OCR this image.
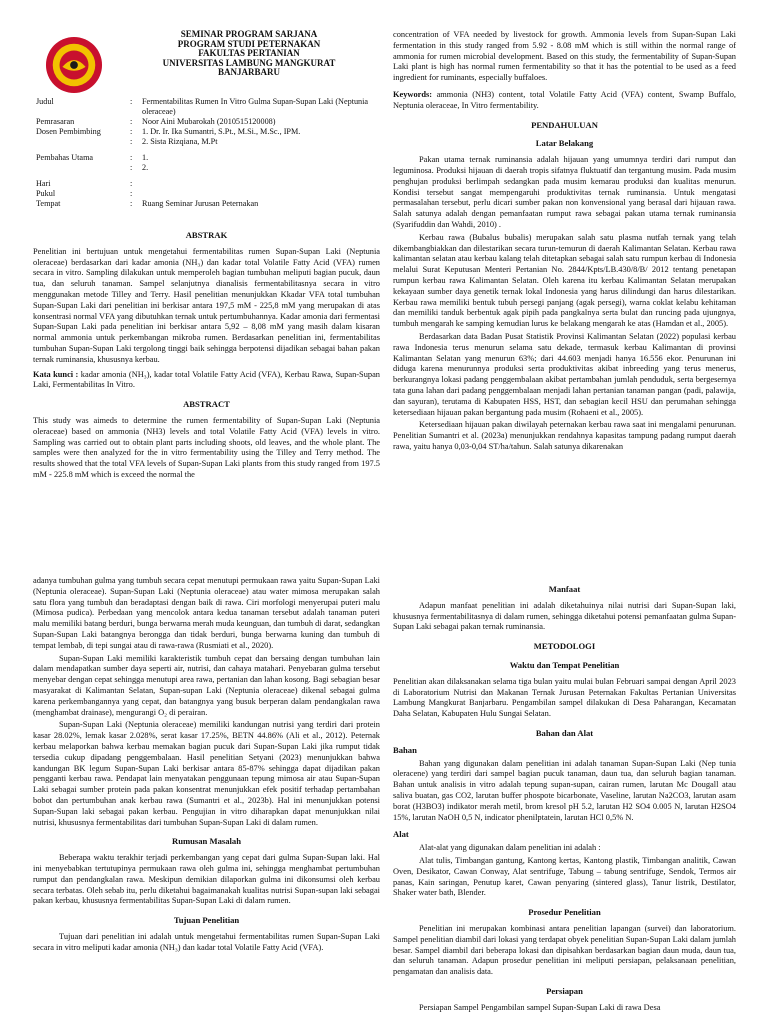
SEMINAR PROGRAM SARJANA
PROGRAM STUDI PETERNAKAN
FAKULTAS PERTANIAN
UNIVERSITAS LAMBUNG MANGKURAT
BANJARBARU
Judul	:	Fermentabilitas Rumen In Vitro Gulma Supan-Supan Laki (Neptunia oleraceae)
Pemrasaran	:	Noor Aini Mubarokah (2010515120008)
Dosen Pembimbing	:	1. Dr. Ir. Ika Sumantri, S.Pt., M.Si., M.Sc., IPM.
:	2. Sista Rizqiana, M.Pt
Pembahas Utama	:	1.
:	2.
Hari	:
Pukul	:
Tempat	:	Ruang Seminar Jurusan Peternakan
ABSTRAK

Penelitian ini bertujuan untuk mengetahui fermentabilitas rumen Supan-Supan Laki (Neptunia oleraceae) berdasarkan dari kadar amonia (NH₃) dan kadar total Volatile Fatty Acid (VFA) rumen secara in vitro. Sampling dilakukan untuk memperoleh bagian tumbuhan meliputi bagian pucuk, daun tua, dan seluruh tanaman. Sampel selanjutnya dianalisis fermentabilitasnya secara in vitro menggunakan metode Tilley and Terry. Hasil penelitian menunjukkan Kkadar VFA total tumbuhan Supan-Supan Laki dari penelitian ini berkisar antara 197,5 mM - 225,8 mM yang merupakan di atas konsentrasi normal VFA yang dibutuhkan ternak untuk pertumbuhannya. Kadar amonia dari fermentasi Supan-Supan Laki pada penelitian ini berkisar antara 5,92 – 8,08 mM yang masih dalam kisaran normal ammonia untuk perkembangan mikroba rumen. Berdasarkan penelitian ini, fermentabilitas tumbuhan Supan-Supan Laki tergolong tinggi baik sehingga berpotensi dijadikan sebagai bahan pakan ternak ruminansia, khususnya kerbau.

Kata kunci : kadar amonia (NH₃), kadar total Volatile Fatty Acid (VFA), Kerbau Rawa, Supan-Supan Laki, Fermentabilitas In Vitro.

ABSTRACT

This study was aimeds to determine the rumen fermentability of Supan-Supan Laki (Neptunia oleraceae) based on ammonia (NH3) levels and total Volatile Fatty Acid (VFA) levels in vitro. Sampling was carried out to obtain plant parts including shoots, old leaves, and the whole plant. The samples were then analyzed for the in vitro fermentability using the Tilley and Terry method. The results showed that the total VFA levels of Supan-Supan Laki plants from this study ranged from 197.5 mM - 225.8 mM which is exceed the normal the

concentration of VFA needed by livestock for growth. Ammonia levels from Supan-Supan Laki fermentation in this study ranged from 5.92 - 8.08 mM which is still within the normal range of ammonia for rumen microbial development. Based on this study, the fermentability of Supan-Supan Laki plant is high has normal rumen fermentability so that it has the potential to be used as a feed ingredient for ruminants, especially buffaloes.

Keywords: ammonia (NH3) content, total Volatile Fatty Acid (VFA) content, Swamp Buffalo, Neptunia oleraceae, In Vitro fermentability.

PENDAHULUAN
Latar Belakang

Pakan utama ternak ruminansia adalah hijauan yang umumnya terdiri dari rumput dan leguminosa. Produksi hijauan di daerah tropis sifatnya fluktuatif dan tergantung musim. Pada musim penghujan produksi berlimpah sedangkan pada musim kemarau produksi dan kualitas menurun. Kondisi tersebut sangat mempengaruhi produktivitas ternak ruminansia. Untuk mengatasi permasalahan tersebut, perlu dicari sumber pakan non konvensional yang berasal dari hijauan rawa. Salah satunya adalah dengan pemanfaatan rumput rawa sebagai pakan utama ternak ruminansia (Syarifuddin dan Wahdi, 2010) .

Kerbau rawa (Bubalus bubalis) merupakan salah satu plasma nutfah ternak yang telah dikembangbiakkan dan dilestarikan secara turun-temurun di daerah Kalimantan Selatan. Kerbau rawa kalimantan selatan atau kerbau kalang telah ditetapkan sebagai salah satu rumpun kerbau di Indonesia melalui Surat Keputusan Menteri Pertanian No. 2844/Kpts/LB.430/8/B/ 2012 tentang penetapan rumpun kerbau rawa Kalimantan Selatan. Oleh karena itu kerbau Kalimantan Selatan merupakan kekayaan sumber daya genetik ternak lokal Indonesia yang harus dilindungi dan harus dilestarikan. Kerbau rawa memiliki bentuk tubuh persegi panjang (agak persegi), warna coklat kelabu kehitaman dan memiliki tanduk berbentuk agak pipih pada pangkalnya serta bulat dan runcing pada ujungnya, tumbuh mengarah ke samping kemudian lurus ke belakang mengarah ke atas (Hamdan et al., 2005).

Berdasarkan data Badan Pusat Statistik Provinsi Kalimantan Selatan (2022) populasi kerbau rawa Indonesia terus menurun selama satu dekade, termasuk kerbau Kalimantan di provinsi Kalimantan Selatan yang menurun 63%; dari 44.603 menjadi hanya 16.556 ekor. Penurunan ini diduga karena menurunnya produksi serta produktivitas akibat inbreeding yang terus menerus, berkurangnya lokasi padang penggembalaan akibat pertambahan jumlah penduduk, serta bergesernya tata guna lahan dari padang penggembalaan menjadi lahan pertanian tanaman pangan (padi, palawija, dan sayuran), terutama di Kabupaten HSS, HST, dan sebagian kecil HSU dan perumahan sehingga ketersediaan hijauan pakan bergantung pada musim (Rohaeni et al., 2005).

Ketersediaan hijauan pakan diwilayah peternakan kerbau rawa saat ini mengalami penurunan. Penelitian Sumantri et al. (2023a) menunjukkan rendahnya kapasitas tampung padang rumput daerah rawa, yaitu hanya 0,03-0,04 ST/ha/tahun. Salah satunya dikarenakan

adanya tumbuhan gulma yang tumbuh secara cepat menutupi permukaan rawa yaitu Supan-Supan Laki (Neptunia oleraceae). Supan-Supan Laki (Neptunia oleraceae) atau water mimosa merupakan salah satu flora yang tumbuh dan beradaptasi dengan baik di rawa. Ciri morfologi menyerupai puteri malu (Mimosa pudica). Perbedaan yang mencolok antara kedua tanaman tersebut adalah tanaman puteri malu memiliki batang berduri, bunga berwarna merah muda keunguan, dan tumbuh di darat, sedangkan Supan-Supan Laki batangnya berongga dan tidak berduri, bunga berwarna kuning dan tumbuh di tempat lembab, di tepi sungai atau di rawa-rawa (Rusmiati et al., 2020).

Supan-Supan Laki memiliki karakteristik tumbuh cepat dan bersaing dengan tumbuhan lain dalam mendapatkan sumber daya seperti air, nutrisi, dan cahaya matahari. Penyebaran gulma tersebut menyebar dengan cepat sehingga menutupi area rawa, pertanian dan lahan kosong. Bagi sebagian besar masyarakat di Kalimantan Selatan, Supan-supan Laki (Neptunia oleraceae) dikenal sebagai gulma karena perkembangannya yang cepat, dan batangnya yang busuk berperan dalam pendangkalan rawa (menghambat drainase), mengurangi O₂ di perairan.

Supan-Supan Laki (Neptunia oleraceae) memiliki kandungan nutrisi yang terdiri dari protein kasar 28.02%, lemak kasar 2.028%, serat kasar 17.25%, BETN 44.86% (Ali et al., 2012). Peternak kerbau melaporkan bahwa kerbau memakan bagian pucuk dari Supan-Supan Laki jika rumput tidak tersedia cukup dipadang penggembalaan. Hasil penelitian Setyani (2023) menunjukkan bahwa kandungan BK legum Supan-Supan Laki berkisar antara 85-87% sehingga dapat dijadikan pakan pengganti kerbau rawa. Pendapat lain menyatakan penggunaan tepung mimosa air atau Supan-Supan Laki sebagai sumber protein pada pakan konsentrat menunjukkan efek positif terhadap pertambahan bobot dan pertumbuhan anak kerbau rawa (Sumantri et al., 2023b). Hal ini menunjukkan potensi Supan-Supan laki sebagai pakan kerbau. Pengujian in vitro diharapkan dapat menunjukkan nilai nutrisi, khususnya fermentabilitas dari tumbuhan Supan-Supan Laki di dalam rumen.

Rumusan Masalah

Beberapa waktu terakhir terjadi perkembangan yang cepat dari gulma Supan-Supan laki. Hal ini menyebabkan tertutupinya permukaan rawa oleh gulma ini, sehingga menghambat pertumbuhan rumput dan pendangkalan rawa. Meskipun demikian dilaporkan gulma ini dikonsumsi oleh kerbau secara terbatas. Oleh sebab itu, perlu diketahui bagaimanakah kualitas nutrisi Supan-supan laki sebagai pakan kerbau, khususnya fermentabilitas Supan-Supan Laki di dalam rumen.

Tujuan Penelitian

Tujuan dari penelitian ini adalah untuk mengetahui fermentabilitas rumen Supan-Supan Laki secara in vitro meliputi kadar amonia (NH₃) dan kadar total Volatile Fatty Acid (VFA).

Manfaat

Adapun manfaat penelitian ini adalah diketahuinya nilai nutrisi dari Supan-Supan laki, khususnya fermentabilitasnya di dalam rumen, sehingga diketahui potensi pemanfaatan gulma Supan-Supan Laki sebagai pakan ternak ruminansia.

METODOLOGI
Waktu dan Tempat Penelitian

Penelitian akan dilaksanakan selama tiga bulan yaitu mulai bulan Februari sampai dengan April 2023 di Laboratorium Nutrisi dan Makanan Ternak Jurusan Peternakan Fakultas Pertanian Universitas Lambung Mangkurat Banjarbaru. Pengambilan sampel dilakukan di Desa Paharangan, Kecamatan Daha Selatan, Kabupaten Hulu Sungai Selatan.

Bahan dan Alat
Bahan

Bahan yang digunakan dalam penelitian ini adalah tanaman Supan-Supan Laki (Nep tunia oleracene) yang terdiri dari sampel bagian pucuk tanaman, daun tua, dan seluruh bagian tanaman. Bahan untuk analisis in vitro adalah tepung supan-supan, cairan rumen, larutan Mc Dougall atau saliva buatan, gas CO2, larutan buffer phospote bicarbonate, Vaseline, larutan Na2CO3, larutan asam borat (H3BO3) indikator merah metil, brom kresol pH 5.2, larutan H2 SO4 0.005 N, larutan H2SO4 15%, larutan NaOH 0,5 N, indicator phenilptatein, larutan HCl 0,5% N.

Alat

Alat-alat yang digunakan dalam penelitian ini adalah :

Alat tulis, Timbangan gantung, Kantong kertas, Kantong plastik, Timbangan analitik, Cawan Oven, Desikator, Cawan Conway, Alat sentrifuge, Tabung – tabung sentrifuge, Sendok, Termos air panas, Kain saringan, Penutup karet, Cawan penyaring (sintered glass), Tanur listrik, Destilator, Shaker water bath, Blender.

Prosedur Penelitian

Penelitian ini merupakan kombinasi antara penelitian lapangan (survei) dan laboratorium. Sampel penelitian diambil dari lokasi yang terdapat obyek penelitian Supan-Supan Laki dalam jumlah besar. Sampel diambil dari beberapa lokasi dan dipisahkan berdasarkan bagian daun muda, daun tua, dan seluruh tanaman. Adapun prosedur penelitian ini meliputi persiapan, pelaksanaan penelitian, pengamatan dan analisis data.

Persiapan

Persiapan Sampel Pengambilan sampel Supan-Supan Laki di rawa Desa
